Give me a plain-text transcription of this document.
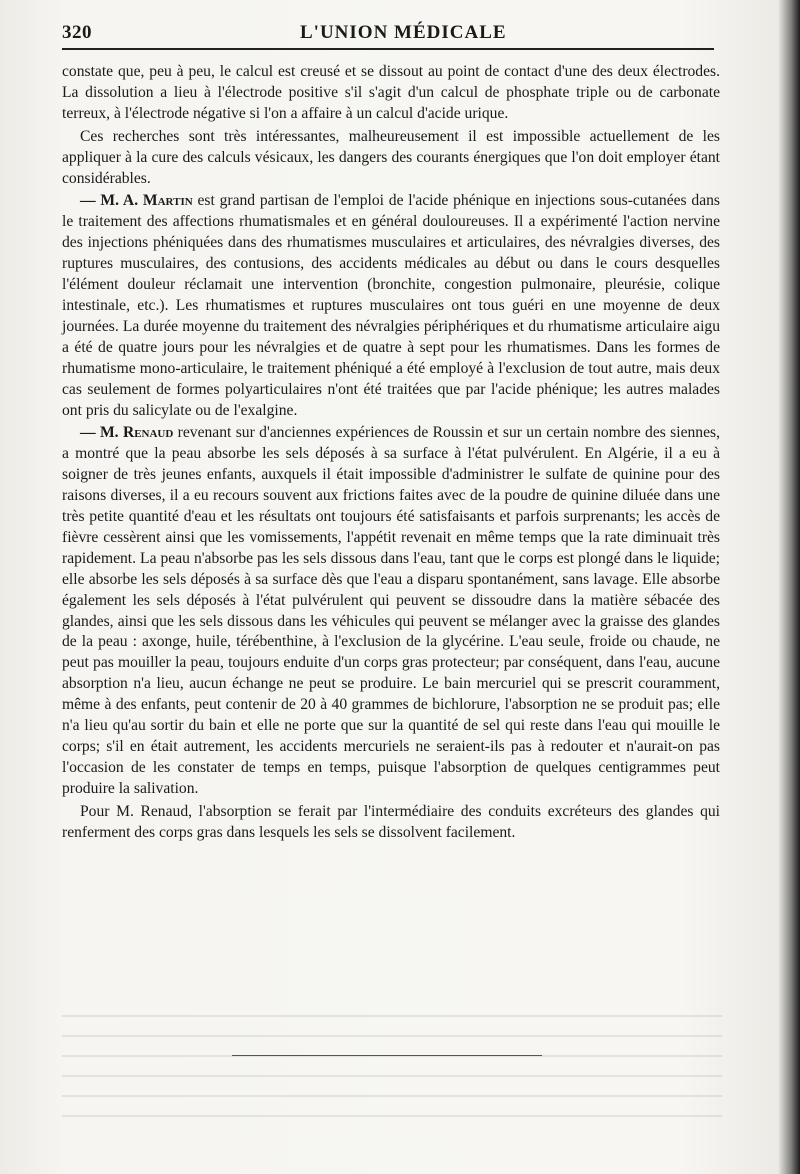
320	L'UNION MÉDICALE

constate que, peu à peu, le calcul est creusé et se dissout au point de contact d'une des deux électrodes. La dissolution a lieu à l'électrode positive s'il s'agit d'un calcul de phosphate triple ou de carbonate terreux, à l'électrode négative si l'on a affaire à un calcul d'acide urique.

Ces recherches sont très intéressantes, malheureusement il est impossible actuellement de les appliquer à la cure des calculs vésicaux, les dangers des courants énergiques que l'on doit employer étant considérables.

— M. A. Martin est grand partisan de l'emploi de l'acide phénique en injections sous-cutanées dans le traitement des affections rhumatismales et en général douloureuses. Il a expérimenté l'action nervine des injections phéniquées dans des rhumatismes musculaires et articulaires, des névralgies diverses, des ruptures musculaires, des contusions, des accidents médicales au début ou dans le cours desquelles l'élément douleur réclamait une intervention (bronchite, congestion pulmonaire, pleurésie, colique intestinale, etc.). Les rhumatismes et ruptures musculaires ont tous guéri en une moyenne de deux journées. La durée moyenne du traitement des névralgies périphériques et du rhumatisme articulaire aigu a été de quatre jours pour les névralgies et de quatre à sept pour les rhumatismes. Dans les formes de rhumatisme mono-articulaire, le traitement phéniqué a été employé à l'exclusion de tout autre, mais deux cas seulement de formes polyarticulaires n'ont été traitées que par l'acide phénique; les autres malades ont pris du salicylate ou de l'exalgine.

— M. Renaud revenant sur d'anciennes expériences de Roussin et sur un certain nombre des siennes, a montré que la peau absorbe les sels déposés à sa surface à l'état pulvérulent. En Algérie, il a eu à soigner de très jeunes enfants, auxquels il était impossible d'administrer le sulfate de quinine pour des raisons diverses, il a eu recours souvent aux frictions faites avec de la poudre de quinine diluée dans une très petite quantité d'eau et les résultats ont toujours été satisfaisants et parfois surprenants; les accès de fièvre cessèrent ainsi que les vomissements, l'appétit revenait en même temps que la rate diminuait très rapidement. La peau n'absorbe pas les sels dissous dans l'eau, tant que le corps est plongé dans le liquide; elle absorbe les sels déposés à sa surface dès que l'eau a disparu spontanément, sans lavage. Elle absorbe également les sels déposés à l'état pulvérulent qui peuvent se dissoudre dans la matière sébacée des glandes, ainsi que les sels dissous dans les véhicules qui peuvent se mélanger avec la graisse des glandes de la peau : axonge, huile, térébenthine, à l'exclusion de la glycérine. L'eau seule, froide ou chaude, ne peut pas mouiller la peau, toujours enduite d'un corps gras protecteur; par conséquent, dans l'eau, aucune absorption n'a lieu, aucun échange ne peut se produire. Le bain mercuriel qui se prescrit couramment, même à des enfants, peut contenir de 20 à 40 grammes de bichlorure, l'absorption ne se produit pas; elle n'a lieu qu'au sortir du bain et elle ne porte que sur la quantité de sel qui reste dans l'eau qui mouille le corps; s'il en était autrement, les accidents mercuriels ne seraient-ils pas à redouter et n'aurait-on pas l'occasion de les constater de temps en temps, puisque l'absorption de quelques centigrammes peut produire la salivation.

Pour M. Renaud, l'absorption se ferait par l'intermédiaire des conduits excréteurs des glandes qui renferment des corps gras dans lesquels les sels se dissolvent facilement.
